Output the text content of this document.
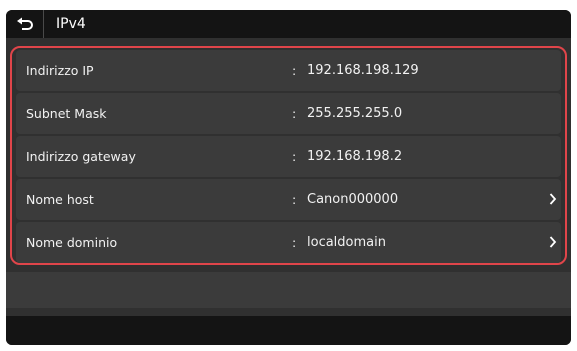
IPv4
Indirizzo IP	: 192.168.198.129
Subnet Mask	: 255.255.255.0
Indirizzo gateway	: 192.168.198.2
Nome host	: Canon000000
Nome dominio	: localdomain
